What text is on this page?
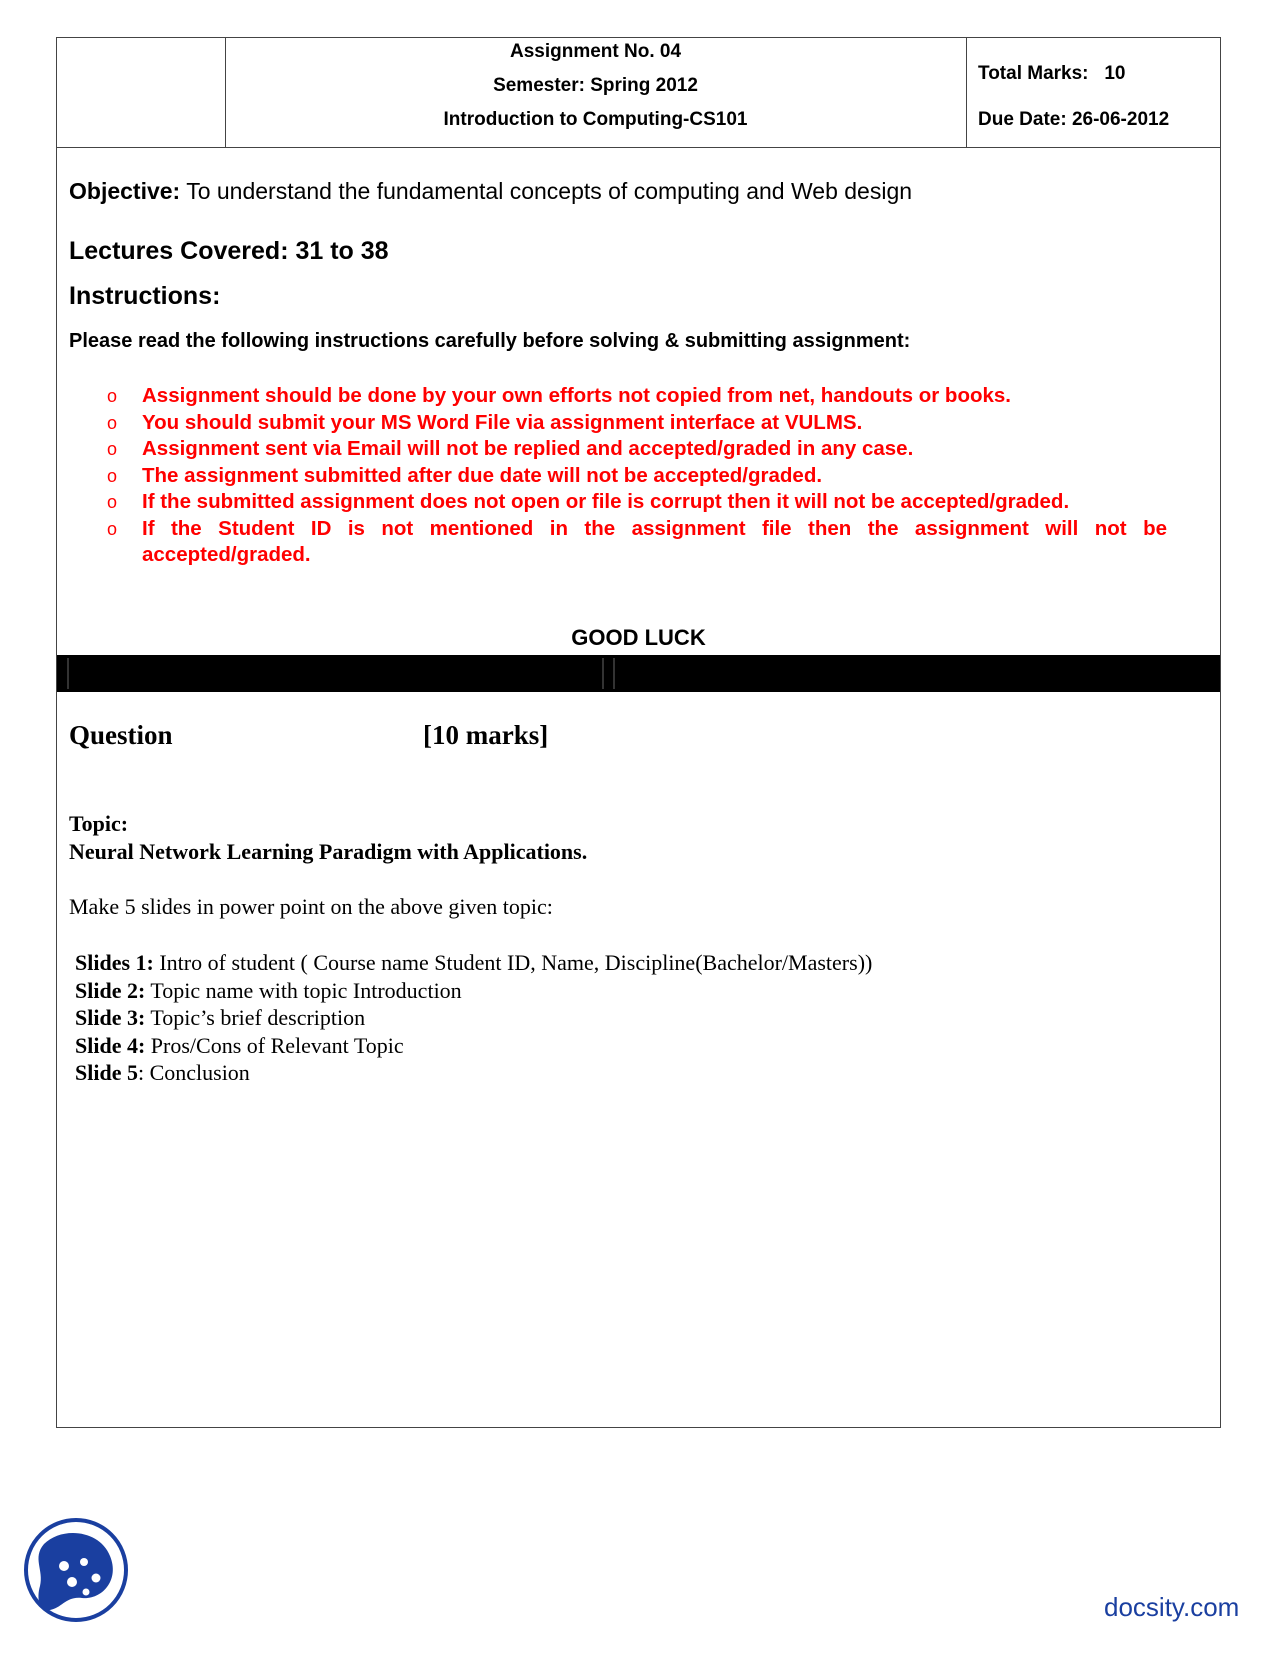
Assignment No. 04
Semester: Spring 2012
Introduction to Computing-CS101
Total Marks:   10
Due Date: 26-06-2012
Objective: To understand the fundamental concepts of computing and Web design
Lectures Covered: 31 to 38
Instructions:
Please read the following instructions carefully before solving & submitting assignment:
o Assignment should be done by your own efforts not copied from net, handouts or books.
o You should submit your MS Word File via assignment interface at VULMS.
o Assignment sent via Email will not be replied and accepted/graded in any case.
o The assignment submitted after due date will not be accepted/graded.
o If the submitted assignment does not open or file is corrupt then it will not be accepted/graded.
o If the Student ID is not mentioned in the assignment file then the assignment will not be accepted/graded.
GOOD LUCK
Question	[10 marks]
Topic:
Neural Network Learning Paradigm with Applications.
Make 5 slides in power point on the above given topic:
Slides 1: Intro of student ( Course name Student ID, Name, Discipline(Bachelor/Masters))
Slide 2: Topic name with topic Introduction
Slide 3: Topic’s brief description
Slide 4: Pros/Cons of Relevant Topic
Slide 5: Conclusion
docsity.com
